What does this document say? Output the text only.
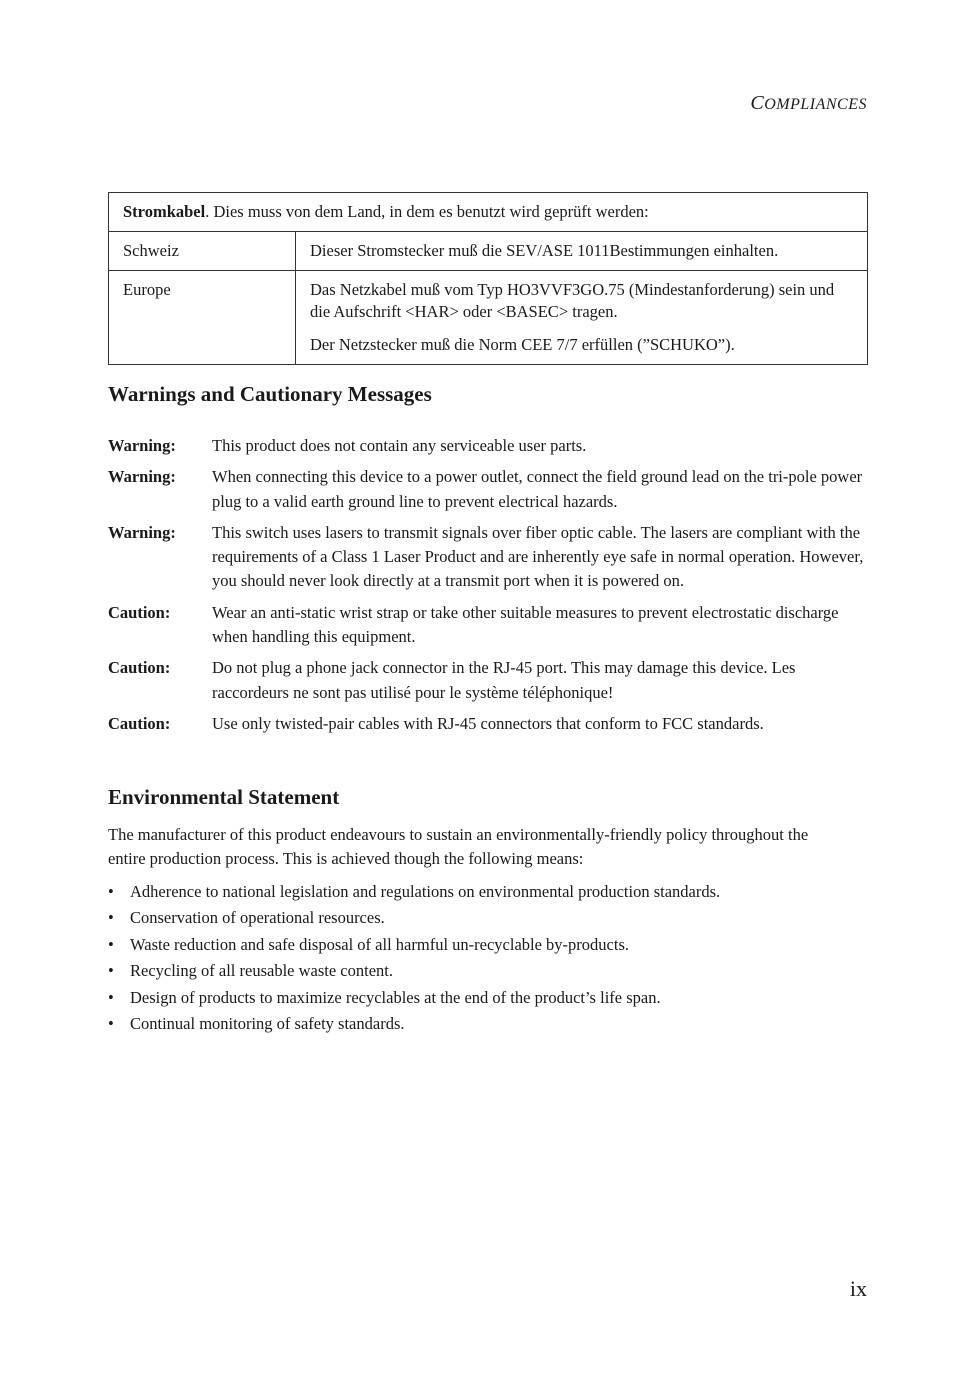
COMPLIANCES
Stromkabel. Dies muss von dem Land, in dem es benutzt wird geprüft werden:	
Schweiz	Dieser Stromstecker muß die SEV/ASE 1011Bestimmungen einhalten.

Europe	Das Netzkabel muß vom Typ HO3VVF3GO.75 (Mindestanforderung) sein und die Aufschrift <HAR> oder <BASEC> tragen.

Der Netzstecker muß die Norm CEE 7/7 erfüllen (”SCHUKO”).

Warnings and Cautionary Messages
Warning:	This product does not contain any serviceable user parts.
Warning:	When connecting this device to a power outlet, connect the field ground lead on the tri-pole power plug to a valid earth ground line to prevent electrical hazards.
Warning:	This switch uses lasers to transmit signals over fiber optic cable. The lasers are compliant with the requirements of a Class 1 Laser Product and are inherently eye safe in normal operation. However, you should never look directly at a transmit port when it is powered on.
Caution:	Wear an anti-static wrist strap or take other suitable measures to prevent electrostatic discharge when handling this equipment.
Caution:	Do not plug a phone jack connector in the RJ-45 port. This may damage this device. Les raccordeurs ne sont pas utilisé pour le système téléphonique!
Caution:	Use only twisted-pair cables with RJ-45 connectors that conform to FCC standards.
Environmental Statement

The manufacturer of this product endeavours to sustain an environmentally-friendly policy throughout the entire production process. This is achieved though the following means:

• Adherence to national legislation and regulations on environmental production standards.
• Conservation of operational resources.
• Waste reduction and safe disposal of all harmful un-recyclable by-products.
• Recycling of all reusable waste content.
• Design of products to maximize recyclables at the end of the product’s life span.
• Continual monitoring of safety standards.
ix
